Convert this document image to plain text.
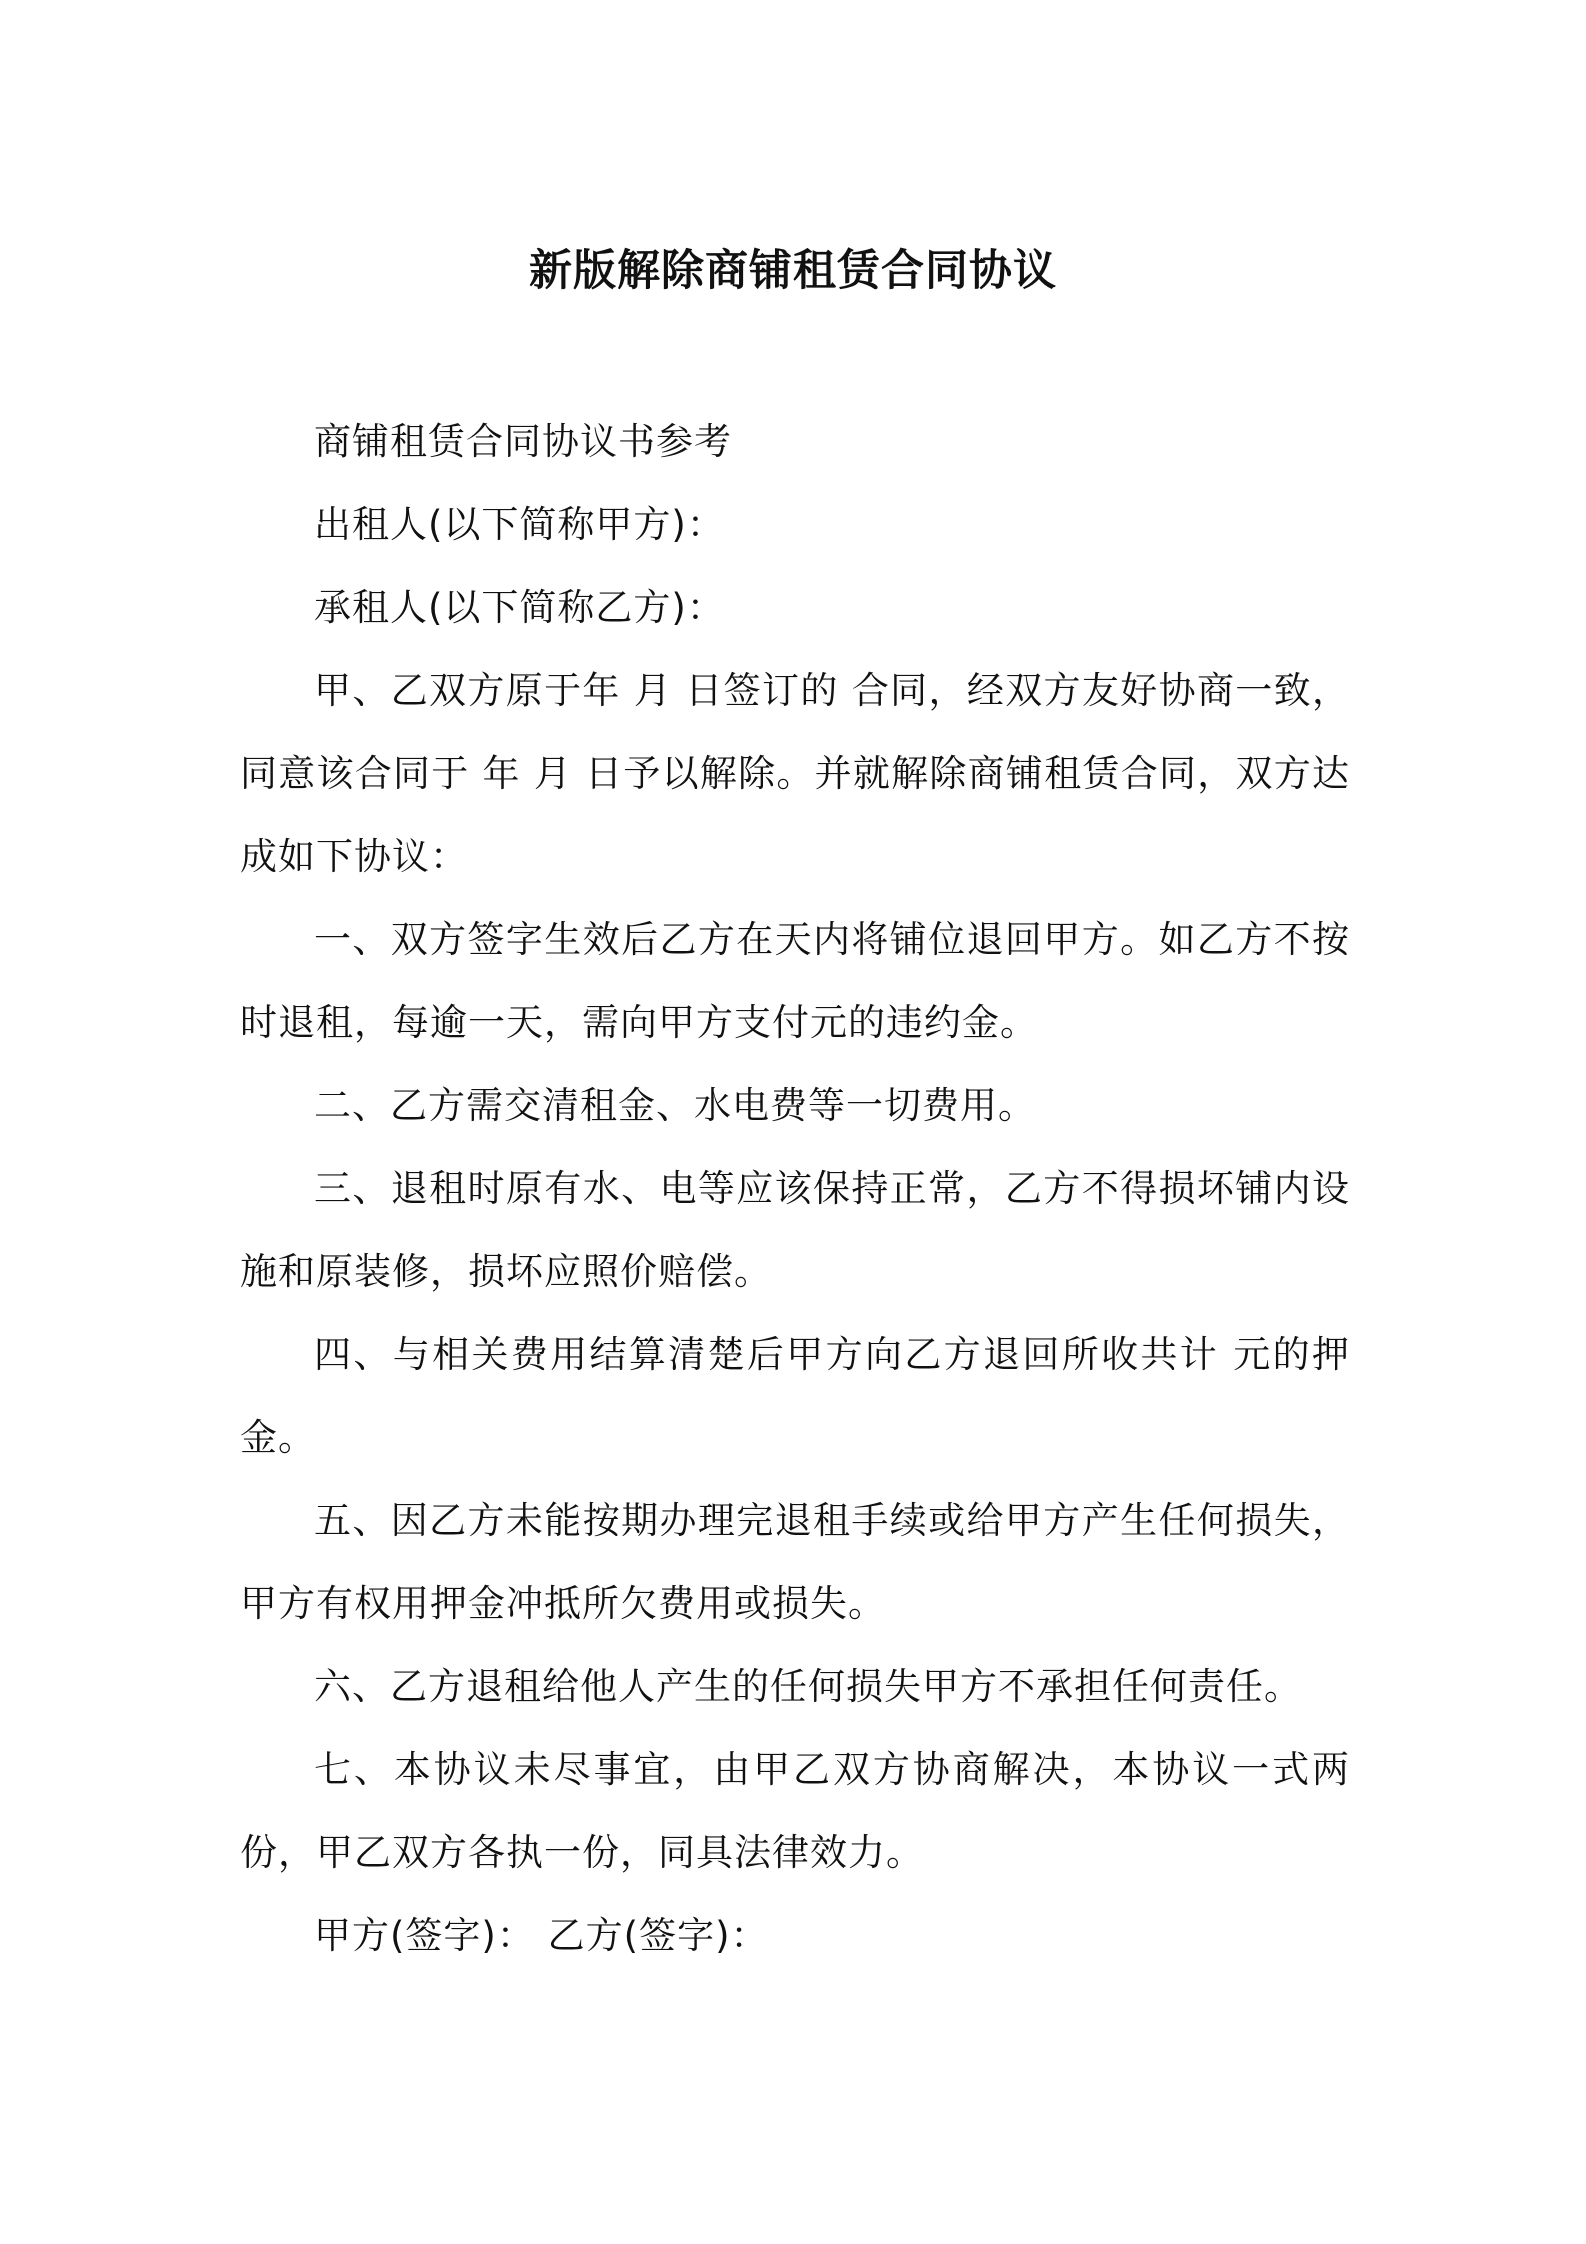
新版解除商铺租赁合同协议

商铺租赁合同协议书参考

出租人(以下简称甲方)：

承租人(以下简称乙方)：

甲、乙双方原于年 月 日签订的 合同，经双方友好协商一致，同意该合同于 年 月 日予以解除。并就解除商铺租赁合同，双方达成如下协议：

一、双方签字生效后乙方在天内将铺位退回甲方。如乙方不按时退租，每逾一天，需向甲方支付元的违约金。

二、乙方需交清租金、水电费等一切费用。

三、退租时原有水、电等应该保持正常，乙方不得损坏铺内设施和原装修，损坏应照价赔偿。

四、与相关费用结算清楚后甲方向乙方退回所收共计 元的押金。

五、因乙方未能按期办理完退租手续或给甲方产生任何损失，甲方有权用押金冲抵所欠费用或损失。

六、乙方退租给他人产生的任何损失甲方不承担任何责任。

七、本协议未尽事宜，由甲乙双方协商解决，本协议一式两份，甲乙双方各执一份，同具法律效力。

甲方(签字)： 乙方(签字)：
